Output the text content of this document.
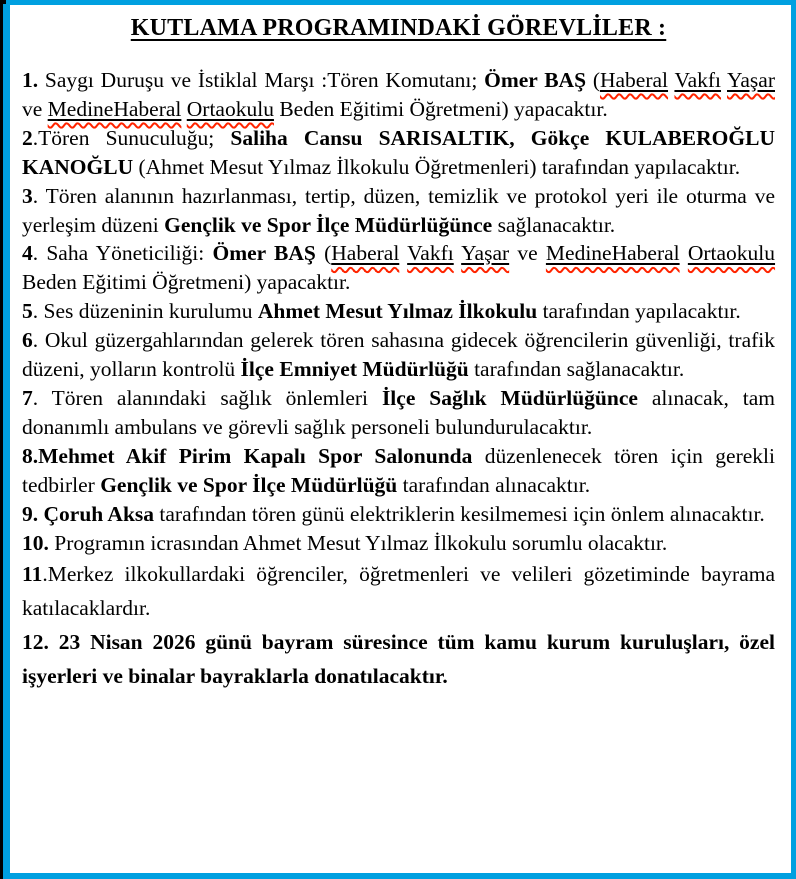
KUTLAMA PROGRAMINDAKİ GÖREVLİLER :

1. Saygı Duruşu ve İstiklal Marşı :Tören Komutanı; Ömer BAŞ (Haberal Vakfı Yaşar ve MedineHaberal Ortaokulu Beden Eğitimi Öğretmeni) yapacaktır.

2.Tören Sunuculuğu; Saliha Cansu SARISALTIK, Gökçe KULABEROĞLU KANOĞLU (Ahmet Mesut Yılmaz İlkokulu Öğretmenleri) tarafından yapılacaktır.

3. Tören alanının hazırlanması, tertip, düzen, temizlik ve protokol yeri ile oturma ve yerleşim düzeni Gençlik ve Spor İlçe Müdürlüğünce sağlanacaktır.

4. Saha Yöneticiliği: Ömer BAŞ (Haberal Vakfı Yaşar ve MedineHaberal Ortaokulu Beden Eğitimi Öğretmeni) yapacaktır.

5. Ses düzeninin kurulumu Ahmet Mesut Yılmaz İlkokulu tarafından yapılacaktır.

6. Okul güzergahlarından gelerek tören sahasına gidecek öğrencilerin güvenliği, trafik düzeni, yolların kontrolü İlçe Emniyet Müdürlüğü tarafından sağlanacaktır.

7. Tören alanındaki sağlık önlemleri İlçe Sağlık Müdürlüğünce alınacak, tam donanımlı ambulans ve görevli sağlık personeli bulundurulacaktır.

8.Mehmet Akif Pirim Kapalı Spor Salonunda düzenlenecek tören için gerekli tedbirler Gençlik ve Spor İlçe Müdürlüğü tarafından alınacaktır.

9. Çoruh Aksa tarafından tören günü elektriklerin kesilmemesi için önlem alınacaktır.

10. Programın icrasından Ahmet Mesut Yılmaz İlkokulu sorumlu olacaktır.

11.Merkez ilkokullardaki öğrenciler, öğretmenleri ve velileri gözetiminde bayrama katılacaklardır.

12. 23 Nisan 2026 günü bayram süresince tüm kamu kurum kuruluşları, özel işyerleri ve binalar bayraklarla donatılacaktır.
